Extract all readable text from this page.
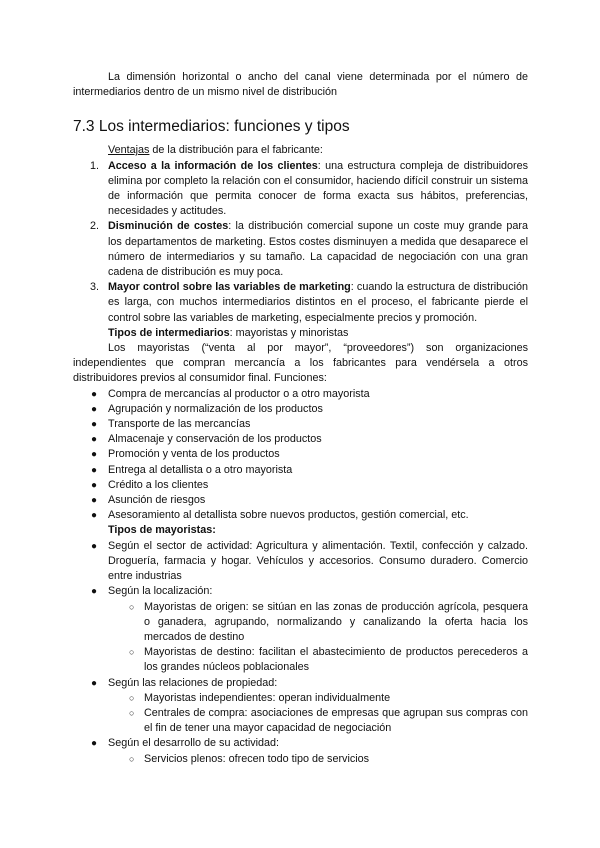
La dimensión horizontal o ancho del canal viene determinada por el número de intermediarios dentro de un mismo nivel de distribución

7.3 Los intermediarios: funciones y tipos

Ventajas de la distribución para el fabricante:

1. Acceso a la información de los clientes: una estructura compleja de distribuidores elimina por completo la relación con el consumidor, haciendo difícil construir un sistema de información que permita conocer de forma exacta sus hábitos, preferencias, necesidades y actitudes.
2. Disminución de costes: la distribución comercial supone un coste muy grande para los departamentos de marketing. Estos costes disminuyen a medida que desaparece el número de intermediarios y su tamaño. La capacidad de negociación con una gran cadena de distribución es muy poca.
3. Mayor control sobre las variables de marketing: cuando la estructura de distribución es larga, con muchos intermediarios distintos en el proceso, el fabricante pierde el control sobre las variables de marketing, especialmente precios y promoción.

Tipos de intermediarios: mayoristas y minoristas

Los mayoristas (“venta al por mayor”, “proveedores”) son organizaciones independientes que compran mercancía a los fabricantes para vendérsela a otros distribuidores previos al consumidor final. Funciones:

● Compra de mercancías al productor o a otro mayorista
● Agrupación y normalización de los productos
● Transporte de las mercancías
● Almacenaje y conservación de los productos
● Promoción y venta de los productos
● Entrega al detallista o a otro mayorista
● Crédito a los clientes
● Asunción de riesgos
● Asesoramiento al detallista sobre nuevos productos, gestión comercial, etc.

Tipos de mayoristas:

● Según el sector de actividad: Agricultura y alimentación. Textil, confección y calzado. Droguería, farmacia y hogar. Vehículos y accesorios. Consumo duradero. Comercio entre industrias
● Según la localización:
○ Mayoristas de origen: se sitúan en las zonas de producción agrícola, pesquera o ganadera, agrupando, normalizando y canalizando la oferta hacia los mercados de destino
○ Mayoristas de destino: facilitan el abastecimiento de productos perecederos a los grandes núcleos poblacionales
● Según las relaciones de propiedad:
○ Mayoristas independientes: operan individualmente
○ Centrales de compra: asociaciones de empresas que agrupan sus compras con el fin de tener una mayor capacidad de negociación
● Según el desarrollo de su actividad:
○ Servicios plenos: ofrecen todo tipo de servicios
